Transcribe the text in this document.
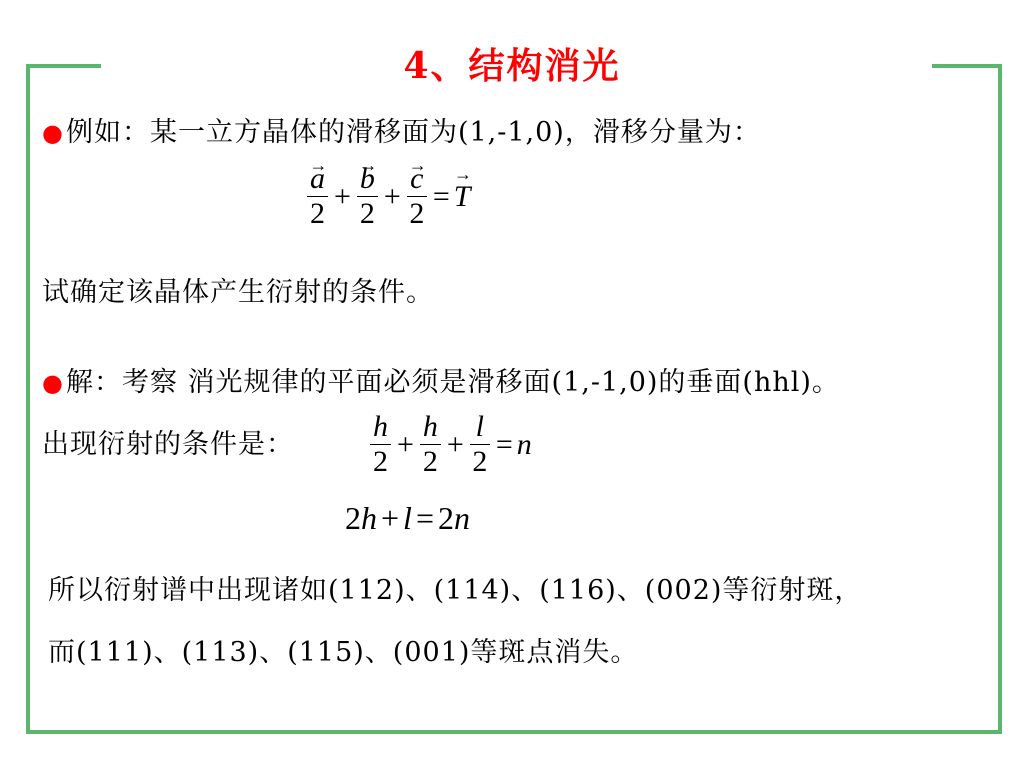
4、结构消光
●例如：某一立方晶体的滑移面为(1,-1,0)，滑移分量为：
→ $\frac{a}{2}$ + → $\frac{b}{2}$ + → $\frac{c}{2}$ = → T
试确定该晶体产生衍射的条件。
●解：考察 消光规律的平面必须是滑移面(1,-1,0)的垂面(hhl)。
出现衍射的条件是：	$\frac{h}{2} + \frac{h}{2} + \frac{l}{2} = n$
2 h + l = 2 n
所以衍射谱中出现诸如(112)、(114)、(116)、(002)等衍射斑，
而(111)、(113)、(115)、(001)等斑点消失。
